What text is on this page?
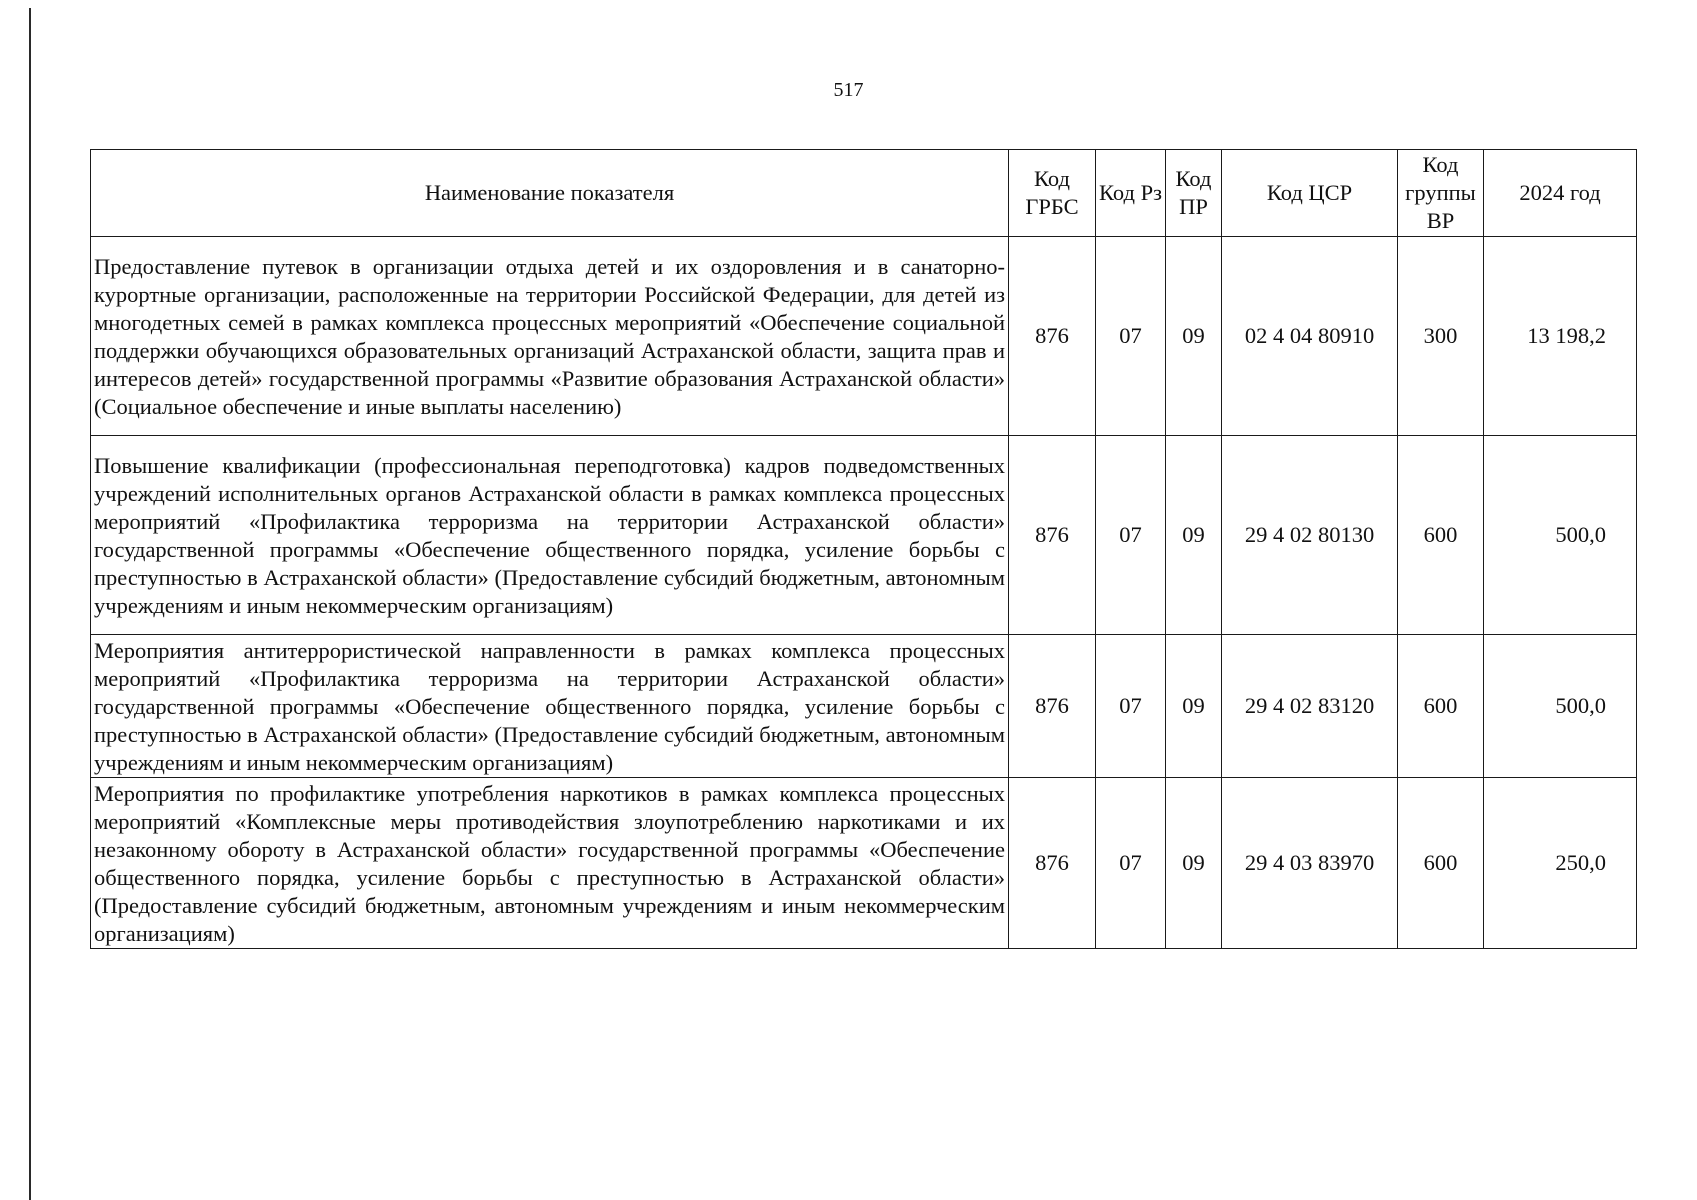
517
Наименование показателя	Код ГРБС	Код Рз	Код ПР	Код ЦСР	Код группы ВР	2024 год
Предоставление путевок в организации отдыха детей и их оздоровления и в санаторно-курортные организации, расположенные на территории Российской Федерации, для детей из многодетных семей в рамках комплекса процессных мероприятий «Обеспечение социальной поддержки обучающихся образовательных организаций Астраханской области, защита прав и интересов детей» государственной программы «Развитие образования Астраханской области» (Социальное обеспечение и иные выплаты населению)	876	07	09	02 4 04 80910	300	13 198,2
Повышение квалификации (профессиональная переподготовка) кадров подведомственных учреждений исполнительных органов Астраханской области в рамках комплекса процессных мероприятий «Профилактика терроризма на территории Астраханской области» государственной программы «Обеспечение общественного порядка, усиление борьбы с преступностью в Астраханской области» (Предоставление субсидий бюджетным, автономным учреждениям и иным некоммерческим организациям)	876	07	09	29 4 02 80130	600	500,0
Мероприятия антитеррористической направленности в рамках комплекса процессных мероприятий «Профилактика терроризма на территории Астраханской области» государственной программы «Обеспечение общественного порядка, усиление борьбы с преступностью в Астраханской области» (Предоставление субсидий бюджетным, автономным учреждениям и иным некоммерческим организациям)	876	07	09	29 4 02 83120	600	500,0
Мероприятия по профилактике употребления наркотиков в рамках комплекса процессных мероприятий «Комплексные меры противодействия злоупотреблению наркотиками и их незаконному обороту в Астраханской области» государственной программы «Обеспечение общественного порядка, усиление борьбы с преступностью в Астраханской области» (Предоставление субсидий бюджетным, автономным учреждениям и иным некоммерческим организациям)	876	07	09	29 4 03 83970	600	250,0
